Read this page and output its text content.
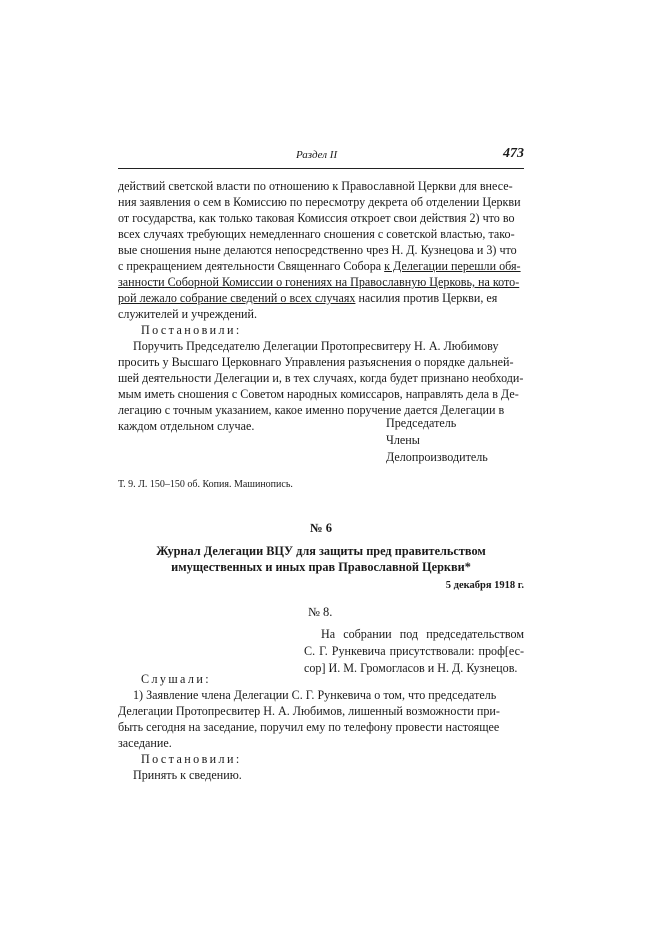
Раздел II	473
действий светской власти по отношению к Православной Церкви для внесе-
ния заявления о сем в Комиссию по пересмотру декрета об отделении Церкви
от государства, как только таковая Комиссия откроет свои действия 2) что во
всех случаях требующих немедленнаго сношения с советской властью, тако-
вые сношения ныне делаются непосредственно чрез Н. Д. Кузнецова и 3) что
с прекращением деятельности Священнаго Собора к Делегации перешли обя-
занности Соборной Комиссии о гонениях на Православную Церковь, на кото-
рой лежало собрание сведений о всех случаях насилия против Церкви, ея
служителей и учреждений.
Постановили:
Поручить Председателю Делегации Протопресвитеру Н. А. Любимову
просить у Высшаго Церковнаго Управления разъяснения о порядке дальней-
шей деятельности Делегации и, в тех случаях, когда будет признано необходи-
мым иметь сношения с Советом народных комиссаров, направлять дела в Де-
легацию с точным указанием, какое именно поручение дается Делегации в
каждом отдельном случае.	Председатель
Члены
Делопроизводитель
Т. 9. Л. 150–150 об. Копия. Машинопись.
№ 6
Журнал Делегации ВЦУ для защиты пред правительством
имущественных и иных прав Православной Церкви*
5 декабря 1918 г.
№ 8.
На собрании под председательством
С. Г. Рункевича присутствовали: проф[ес-
сор] И. М. Громогласов и Н. Д. Кузнецов.
Слушали:
1) Заявление члена Делегации С. Г. Рункевича о том, что председатель
Делегации Протопресвитер Н. А. Любимов, лишенный возможности при-
быть сегодня на заседание, поручил ему по телефону провести настоящее
заседание.
Постановили:
Принять к сведению.
